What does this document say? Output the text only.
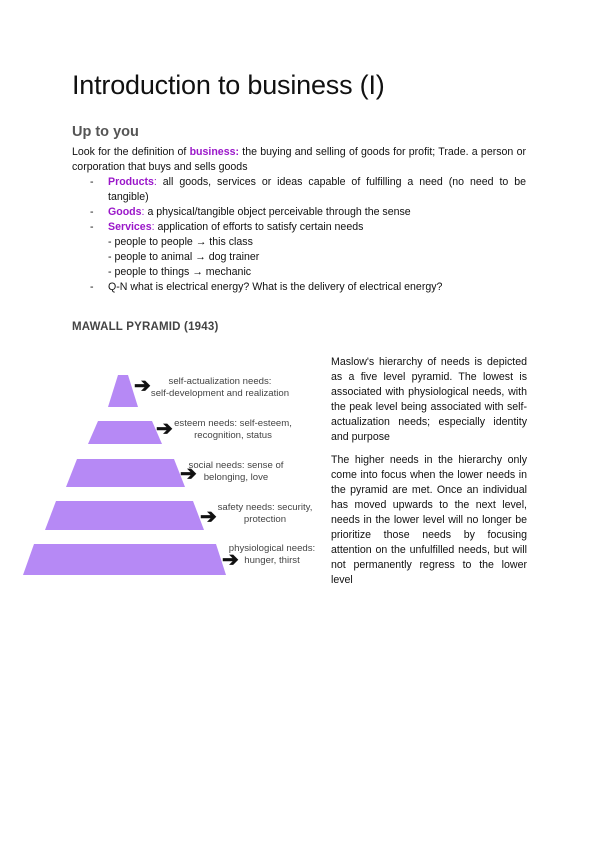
Introduction to business (I)
Up to you

Look for the definition of business: the buying and selling of goods for profit; Trade. a person or corporation that buys and sells goods

- Products: all goods, services or ideas capable of fulfilling a need (no need to be tangible)
- Goods: a physical/tangible object perceivable through the sense
- Services: application of efforts to satisfy certain needs
- people to people → this class
- people to animal → dog trainer
- people to things → mechanic
- Q-N what is electrical energy? What is the delivery of electrical energy?
MAWALL PYRAMID (1943)
➔	self-actualization needs:
self-development and realization
➔ esteem needs: self-esteem,
recognition, status
➔
social needs: sense of
belonging, love
➔ safety needs: security,
protection
➔
physiological needs:
hunger, thirst

Maslow's hierarchy of needs is depicted as a five level pyramid. The lowest is associated with physiological needs, with the peak level being associated with self- actualization needs; especially identity and purpose

The higher needs in the hierarchy only come into focus when the lower needs in the pyramid are met. Once an individual has moved upwards to the next level, needs in the lower level will no longer be prioritize those needs by focusing attention on the unfulfilled needs, but will not permanently regress to the lower level
